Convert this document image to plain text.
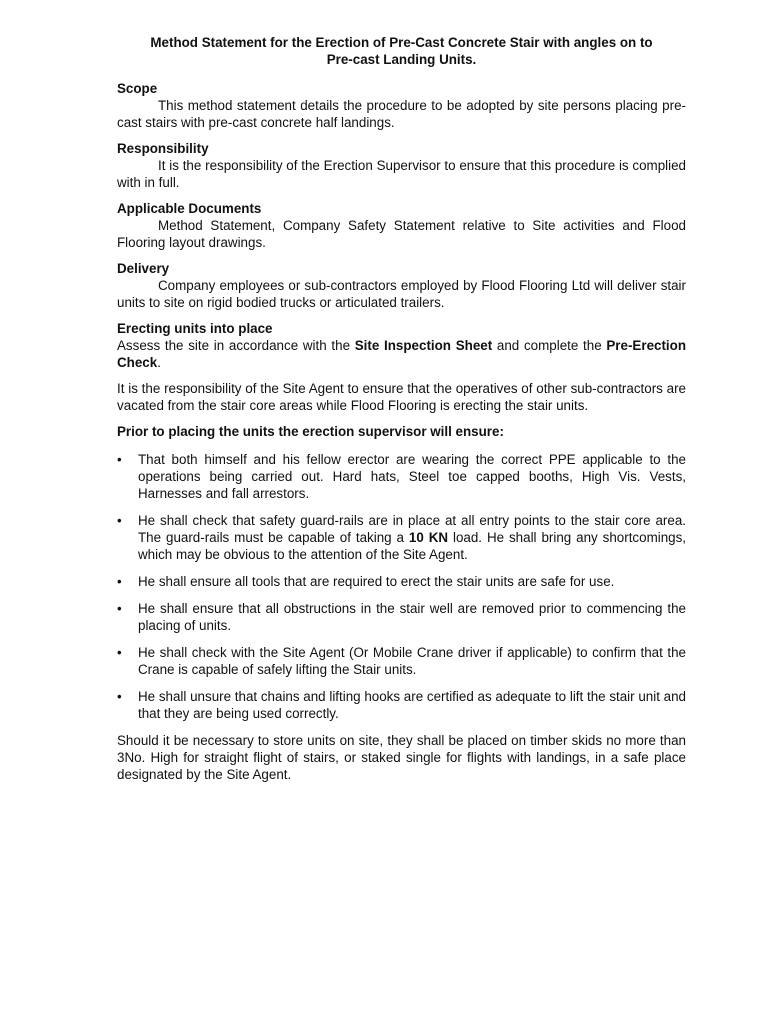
Method Statement for the Erection of Pre-Cast Concrete Stair with angles on to
Pre-cast Landing Units.
Scope

This method statement details the procedure to be adopted by site persons placing pre-cast stairs with pre-cast concrete half landings.

Responsibility

It is the responsibility of the Erection Supervisor to ensure that this procedure is complied with in full.

Applicable Documents

Method Statement, Company Safety Statement relative to Site activities and Flood Flooring layout drawings.

Delivery

Company employees or sub-contractors employed by Flood Flooring Ltd will deliver stair units to site on rigid bodied trucks or articulated trailers.

Erecting units into place

Assess the site in accordance with the Site Inspection Sheet and complete the Pre-Erection Check.

It is the responsibility of the Site Agent to ensure that the operatives of other sub-contractors are vacated from the stair core areas while Flood Flooring is erecting the stair units.

Prior to placing the units the erection supervisor will ensure:
•	That both himself and his fellow erector are wearing the correct PPE applicable to the operations being carried out. Hard hats, Steel toe capped booths, High Vis. Vests, Harnesses and fall arrestors.

•	He shall check that safety guard-rails are in place at all entry points to the stair core area. The guard-rails must be capable of taking a 10 KN load. He shall bring any shortcomings, which may be obvious to the attention of the Site Agent.

•	He shall ensure all tools that are required to erect the stair units are safe for use.

•	He shall ensure that all obstructions in the stair well are removed prior to commencing the placing of units.

•	He shall check with the Site Agent (Or Mobile Crane driver if applicable) to confirm that the Crane is capable of safely lifting the Stair units.

•	He shall unsure that chains and lifting hooks are certified as adequate to lift the stair unit and that they are being used correctly.

Should it be necessary to store units on site, they shall be placed on timber skids no more than 3No. High for straight flight of stairs, or staked single for flights with landings, in a safe place designated by the Site Agent.
